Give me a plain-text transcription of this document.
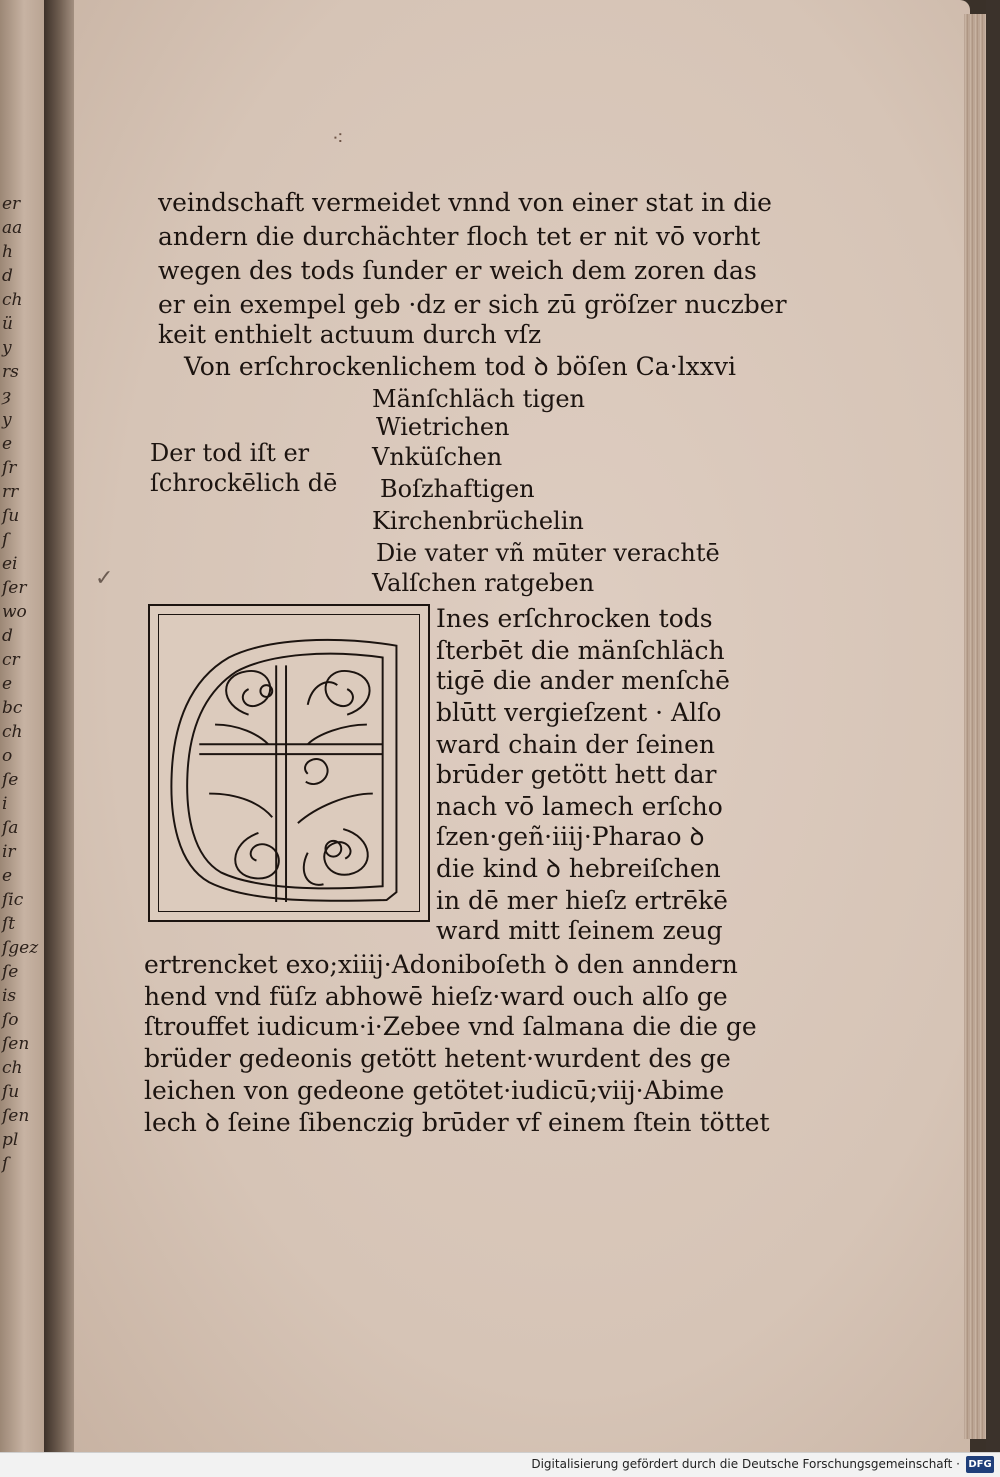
er
aa
h
d
ch
ü
y
rs
ȝ
y
e
ſr
rr
ſu
ſ
ei
ſer
wo
d
cr
e
bc
ch
o
ſe
i
ſa
ir
e
ſic
ſt
ſgez
ſe
is
ſo
ſen
ch
ſu
ſen
pl
ſ
⁖
veindschaft vermeidet vnnd von einer stat in die
andern die durchächter floch tet er nit vō vorht
wegen des tods ſunder er weich dem zoren das
er ein exempel geb ·dz er sich zū gröſzer nuczber
keit enthielt actuum durch vſz
Von erſchrockenlichem tod ꝺ böſen Ca·lxxvi
Mänſchläch tigen
Wietrichen
Vnküſchen
Boſzhaftigen
Kirchenbrüchelin
Die vater vñ mūter verachtē
Valſchen ratgeben
Der tod iſt er
ſchrockēlich dē
✓
Ines erſchrocken tods
ſterbēt die mänſchläch
tigē die ander menſchē
blūtt vergieſzent · Alſo
ward chain der ſeinen
brūder getött hett dar
nach vō lamech erſcho
ſzen·geñ·iiij·Pharao ꝺ
die kind ꝺ hebreiſchen
in dē mer hieſz ertrēkē
ward mitt ſeinem zeug
ertrencket exo;xiiij·Adoniboſeth ꝺ den anndern
hend vnd füſz abhowē hieſz·ward ouch alſo ge
ſtrouffet iudicum·i·Zebee vnd ſalmana die die ge
brüder gedeonis getött hetent·wurdent des ge
leichen von gedeone getötet·iudicū;viij·Abime
lech ꝺ ſeine ſibenczig brūder vf einem ſtein töttet
Digitalisierung gefördert durch die Deutsche Forschungsgemeinschaft · DFG
